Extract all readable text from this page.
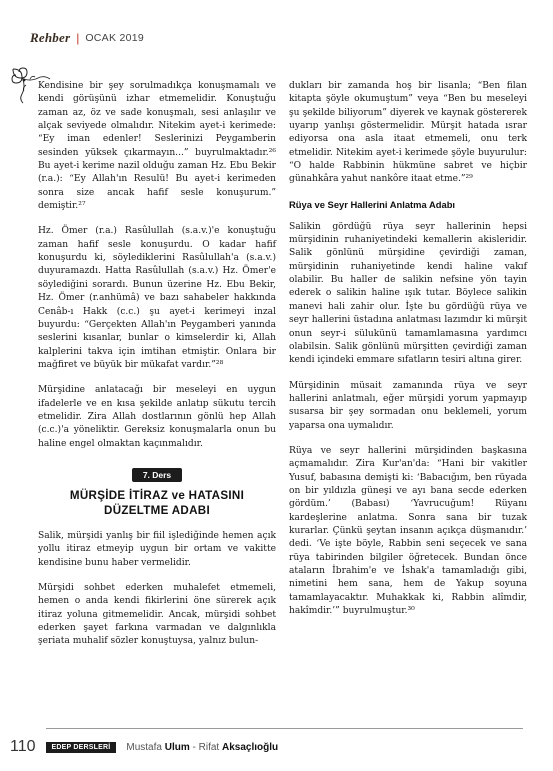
Rehber | OCAK 2019

Kendisine bir şey sorulmadıkça konuşmamalı ve kendi görüşünü izhar etmemelidir. Konuştuğu zaman az, öz ve sade konuşmalı, sesi anlaşılır ve alçak seviyede olmalıdır. Nitekim ayet-i kerimede: “Ey iman edenler! Seslerinizi Peygamberin sesinden yüksek çıkarmayın...” buyrulmaktadır.²⁶ Bu ayet-i kerime nazil olduğu zaman Hz. Ebu Bekir (r.a.): “Ey Allah'ın Resulü! Bu ayet-i kerimeden sonra size ancak hafif sesle konuşurum.” demiştir.²⁷

Hz. Ömer (r.a.) Rasûlullah (s.a.v.)'e konuştuğu zaman hafif sesle konuşurdu. O kadar hafif konuşurdu ki, söylediklerini Rasûlullah'a (s.a.v.) duyuramazdı. Hatta Rasûlullah (s.a.v.) Hz. Ömer'e söylediğini sorardı. Bunun üzerine Hz. Ebu Bekir, Hz. Ömer (r.anhümâ) ve bazı sahabeler hakkında Cenâb-ı Hakk (c.c.) şu ayet-i kerimeyi inzal buyurdu: “Gerçekten Allah'ın Peygamberi yanında seslerini kısanlar, bunlar o kimselerdir ki, Allah kalplerini takva için imtihan etmiştir. Onlara bir mağfiret ve büyük bir mükafat vardır.”²⁸

Mürşidine anlatacağı bir meseleyi en uygun ifadelerle ve en kısa şekilde anlatıp sükutu tercih etmelidir. Zira Allah dostlarının gönlü hep Allah (c.c.)'a yöneliktir. Gereksiz konuşmalarla onun bu haline engel olmaktan kaçınmalıdır.

7. Ders
MÜRŞİDE İTİRAZ ve HATASINI
DÜZELTME ADABI

Salik, mürşidi yanlış bir fiil işlediğinde hemen açık yollu itiraz etmeyip uygun bir ortam ve vakitte kendisine bunu haber vermelidir.

Mürşidi sohbet ederken muhalefet etmemeli, hemen o anda kendi fikirlerini öne sürerek açık itiraz yoluna gitmemelidir. Ancak, mürşidi sohbet ederken şayet farkına varmadan ve dalgınlıkla şeriata muhalif sözler konuştuysa, yalnız bulun-

dukları bir zamanda hoş bir lisanla; “Ben filan kitapta şöyle okumuştum” veya “Ben bu meseleyi şu şekilde biliyorum” diyerek ve kaynak göstererek uyarıp yanlışı göstermelidir. Mürşit hatada ısrar ediyorsa ona asla itaat etmemeli, onu terk etmelidir. Nitekim ayet-i kerimede şöyle buyurulur: “O halde Rabbinin hükmüne sabret ve hiçbir günahkâra yahut nankôre itaat etme.”²⁹

Rüya ve Seyr Hallerini Anlatma Adabı

Salikin gördüğü rüya seyr hallerinin hepsi mürşidinin ruhaniyetindeki kemallerin akisleridir. Salik gönlünü mürşidine çevirdiği zaman, mürşidinin ruhaniyetinde kendi haline vakıf olabilir. Bu haller de salikin nefsine yön tayin ederek o salikin haline ışık tutar. Böylece salikin manevi hali zahir olur. İşte bu gördüğü rüya ve seyr hallerini üstadına anlatması lazımdır ki mürşit onun seyr-i sülukünü tamamlamasına yardımcı olabilsin. Salik gönlünü mürşitten çevirdiği zaman kendi içindeki emmare sıfatların tesiri altına girer.

Mürşidinin müsait zamanında rüya ve seyr hallerini anlatmalı, eğer mürşidi yorum yapmayıp susarsa bir şey sormadan onu beklemeli, yorum yaparsa ona uymalıdır.

Rüya ve seyr hallerini mürşidinden başkasına açmamalıdır. Zira Kur'an'da: “Hani bir vakitler Yusuf, babasına demişti ki: ‘Babacığım, ben rüyada on bir yıldızla güneşi ve ayı bana secde ederken gördüm.’ (Babası) ‘Yavrucuğum! Rüyanı kardeşlerine anlatma. Sonra sana bir tuzak kurarlar. Çünkü şeytan insanın açıkça düşmanıdır.’ dedi. ‘Ve işte böyle, Rabbin seni seçecek ve sana rüya tabirinden bilgiler öğretecek. Bundan önce ataların İbrahim'e ve İshak'a tamamladığı gibi, nimetini hem sana, hem de Yakup soyuna tamamlayacaktır. Muhakkak ki, Rabbin alîmdir, hakîmdir.’” buyrulmuştur.³⁰

110	EDEP DERSLERİ	Mustafa Ulum - Rifat Aksaçlıoğlu
